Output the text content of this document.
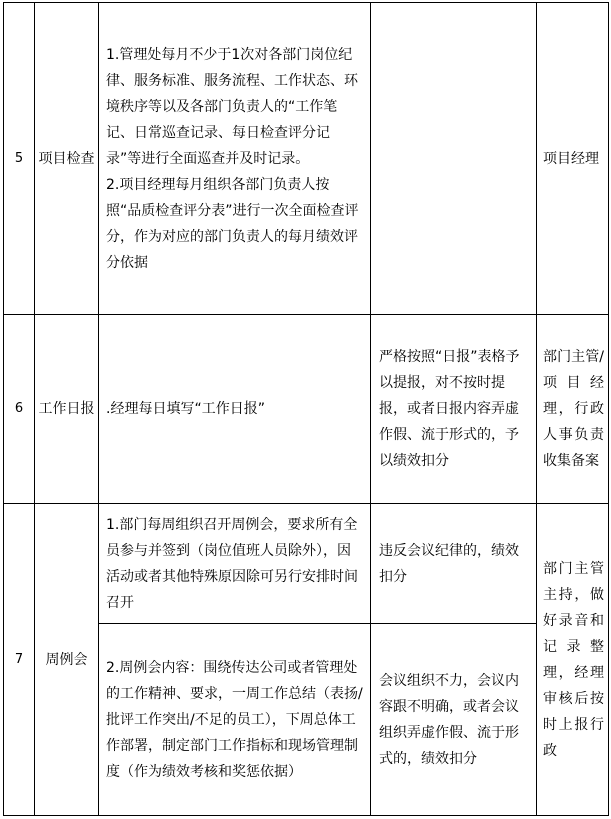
5	项目检查	1.管理处每月不少于1次对各部门岗位纪律、服务标准、服务流程、工作状态、环境秩序等以及各部门负责人的“工作笔记、日常巡查记录、每日检查评分记录”等进行全面巡查并及时记录。

2.项目经理每月组织各部门负责人按照“品质检查评分表”进行一次全面检查评分，作为对应的部门负责人的每月绩效评分依据		项目经理
6	工作日报	.经理每日填写“工作日报”	严格按照“日报”表格予以提报，对不按时提报，或者日报内容弄虚作假、流于形式的，予以绩效扣分	部门主管/项目经理，行政人事负责收集备案
7	周例会	1.部门每周组织召开周例会，要求所有全员参与并签到（岗位值班人员除外），因活动或者其他特殊原因除可另行安排时间召开	违反会议纪律的，绩效扣分	部门主管主持，做好录音和记录整理，经理审核后按时上报行政

		2.周例会内容：围绕传达公司或者管理处的工作精神、要求，一周工作总结（表扬/批评工作突出/不足的员工），下周总体工作部署，制定部门工作指标和现场管理制度（作为绩效考核和奖惩依据）	会议组织不力，会议内容跟不明确，或者会议组织弄虚作假、流于形式的，绩效扣分	
